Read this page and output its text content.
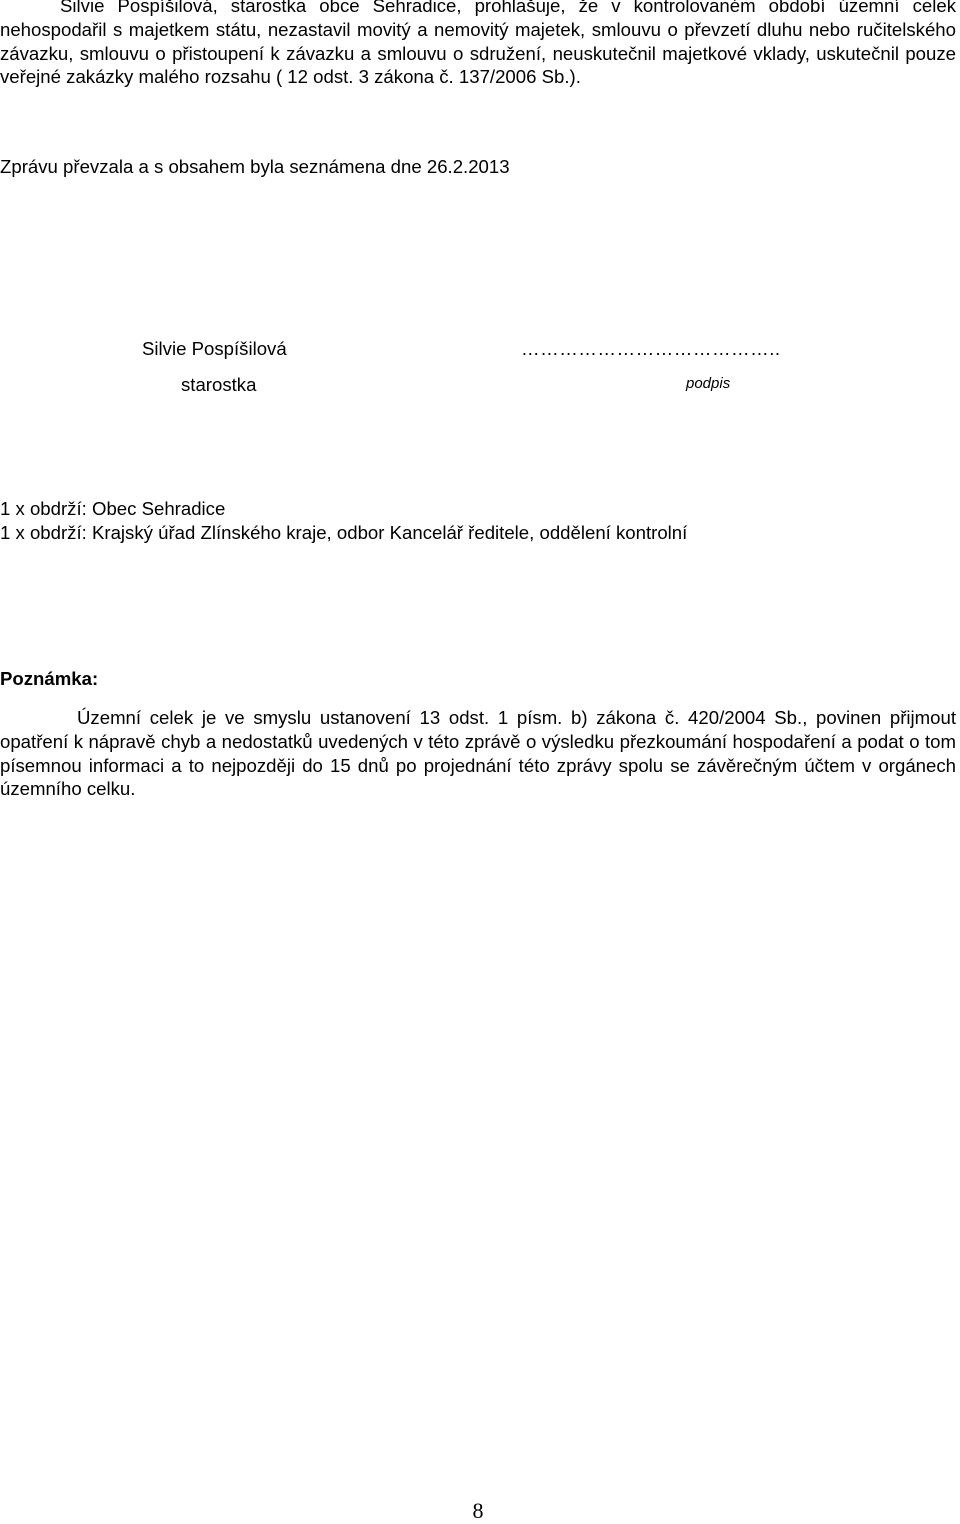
Silvie Pospíšilová, starostka obce Sehradice, prohlašuje, že v kontrolovaném období územní celek nehospodařil s majetkem státu, nezastavil movitý a nemovitý majetek, smlouvu o převzetí dluhu nebo ručitelského závazku, smlouvu o přistoupení k závazku a smlouvu o sdružení, neuskutečnil majetkové vklady, uskutečnil pouze veřejné zakázky malého rozsahu ( 12 odst. 3 zákona č. 137/2006 Sb.).

Zprávu převzala a s obsahem byla seznámena dne 26.2.2013

Silvie Pospíšilová
starostka
…………………………………..
podpis

1 x obdrží: Obec Sehradice

1 x obdrží: Krajský úřad Zlínského kraje, odbor Kancelář ředitele, oddělení kontrolní

Poznámka:

Územní celek je ve smyslu ustanovení 13 odst. 1 písm. b) zákona č. 420/2004 Sb., povinen přijmout opatření k nápravě chyb a nedostatků uvedených v této zprávě o výsledku přezkoumání hospodaření a podat o tom písemnou informaci a to nejpozději do 15 dnů po projednání této zprávy spolu se závěrečným účtem v orgánech územního celku.

8
